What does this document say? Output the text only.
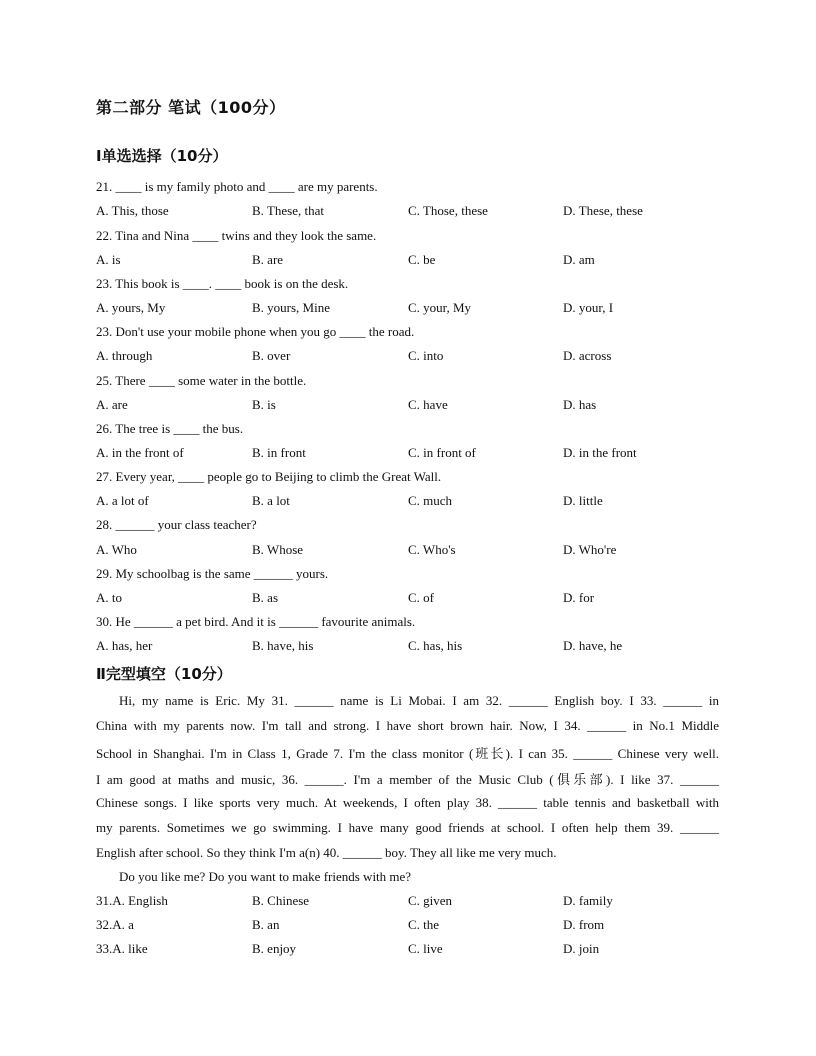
第二部分 笔试（100分）
Ⅰ单选选择（10分）
21. ____ is my family photo and ____ are my parents.
A. This, those	B. These, that	C. Those, these	D. These, these
22. Tina and Nina ____ twins and they look the same.
A. is	B. are	C. be	D. am
23. This book is ____. ____ book is on the desk.
A. yours, My	B. yours, Mine	C. your, My	D. your, I
23. Don't use your mobile phone when you go ____ the road.
A. through	B. over	C. into	D. across
25. There ____ some water in the bottle.
A. are	B. is	C. have	D. has
26. The tree is ____ the bus.
A. in the front of	B. in front	C. in front of	D. in the front
27. Every year, ____ people go to Beijing to climb the Great Wall.
A. a lot of	B. a lot	C. much	D. little
28. ______ your class teacher?
A. Who	B. Whose	C. Who's	D. Who're
29. My schoolbag is the same ______ yours.
A. to	B. as	C. of	D. for
30. He ______ a pet bird. And it is ______ favourite animals.
A. has, her	B. have, his	C. has, his	D. have, he
Ⅱ完型填空（10分）
Hi, my name is Eric. My 31. ______ name is Li Mobai. I am 32. ______ English boy. I 33. ______ in
China with my parents now. I'm tall and strong. I have short brown hair. Now, I 34. ______ in No.1 Middle
School in Shanghai. I'm in Class 1, Grade 7. I'm the class monitor (班长). I can 35. ______ Chinese very well.
I am good at maths and music, 36. ______. I'm a member of the Music Club (俱乐部). I like 37. ______
Chinese songs. I like sports very much. At weekends, I often play 38. ______ table tennis and basketball with
my parents. Sometimes we go swimming. I have many good friends at school. I often help them 39. ______
English after school. So they think I'm a(n) 40. ______ boy. They all like me very much.
Do you like me? Do you want to make friends with me?
31.A. English	B. Chinese	C. given	D. family
32.A. a	B. an	C. the	D. from
33.A. like	B. enjoy	C. live	D. join
